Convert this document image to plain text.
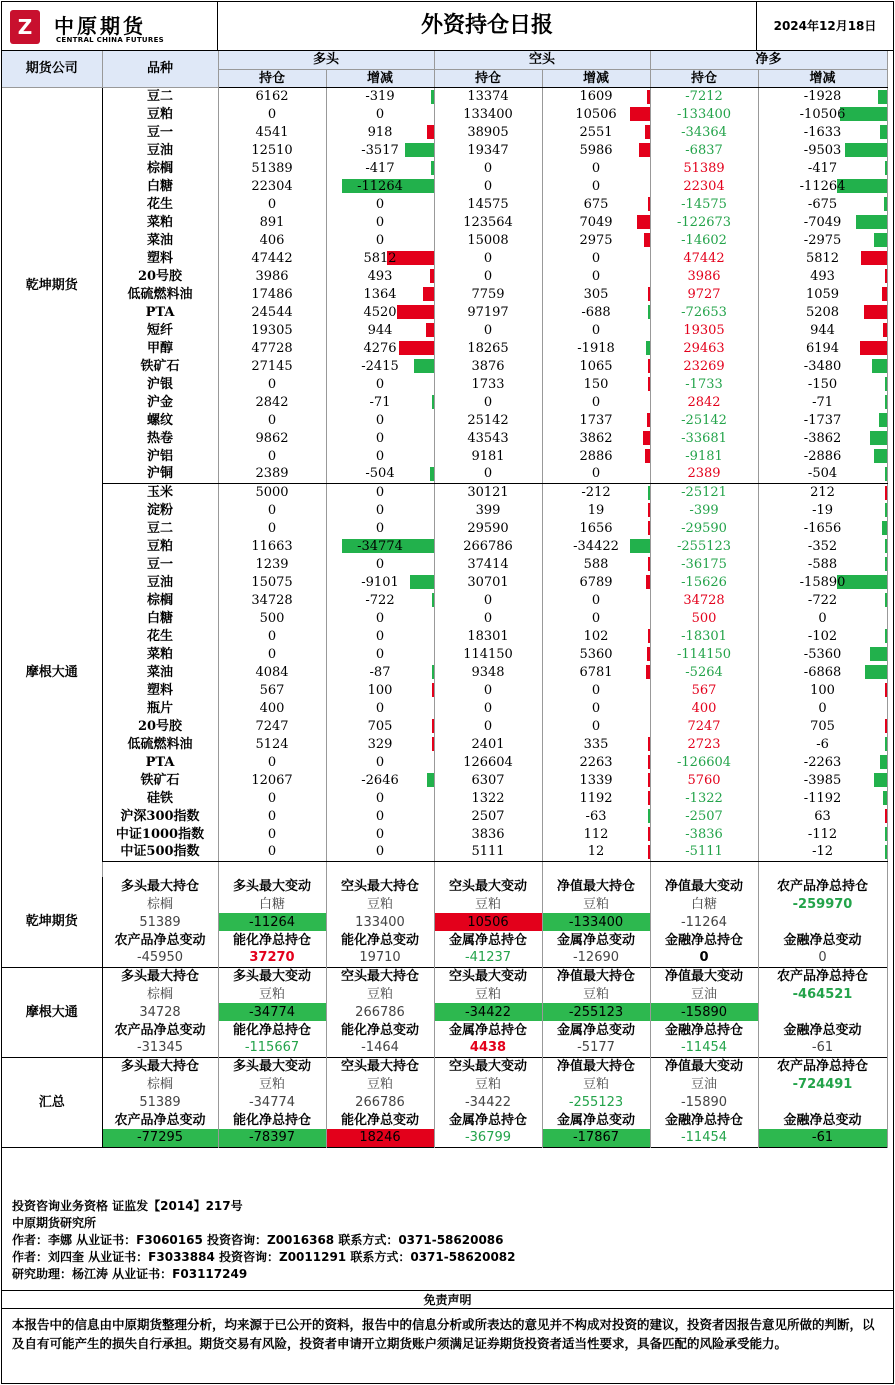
Z	中原期货
CENTRAL CHINA FUTURES
外资持仓日报	2024年12月18日
期货公司	品种	多头		空头		净多	
		持仓	增减	持仓	增减	持仓	增减
乾坤期货	豆二	6162	-319	13374	1609	-7212	-1928
	豆粕	0	0	133400	10506	-133400	-10506
	豆一	4541	918	38905	2551	-34364	-1633
	豆油	12510	-3517	19347	5986	-6837	-9503
	棕榈	51389	-417	0	0	51389	-417
	白糖	22304	-11264	0	0	22304	-11264
	花生	0	0	14575	675	-14575	-675
	菜粕	891	0	123564	7049	-122673	-7049
	菜油	406	0	15008	2975	-14602	-2975
	塑料	47442	5812	0	0	47442	5812
	20号胶	3986	493	0	0	3986	493
	低硫燃料油	17486	1364	7759	305	9727	1059
	PTA	24544	4520	97197	-688	-72653	5208
	短纤	19305	944	0	0	19305	944
	甲醇	47728	4276	18265	-1918	29463	6194
	铁矿石	27145	-2415	3876	1065	23269	-3480
	沪银	0	0	1733	150	-1733	-150
	沪金	2842	-71	0	0	2842	-71
	螺纹	0	0	25142	1737	-25142	-1737
	热卷	9862	0	43543	3862	-33681	-3862
	沪铝	0	0	9181	2886	-9181	-2886
	沪铜	2389	-504	0	0	2389	-504
摩根大通	玉米	5000	0	30121	-212	-25121	212
	淀粉	0	0	399	19	-399	-19
	豆二	0	0	29590	1656	-29590	-1656
	豆粕	11663	-34774	266786	-34422	-255123	-352
	豆一	1239	0	37414	588	-36175	-588
	豆油	15075	-9101	30701	6789	-15626	-15890
	棕榈	34728	-722	0	0	34728	-722
	白糖	500	0	0	0	500	0
	花生	0	0	18301	102	-18301	-102
	菜粕	0	0	114150	5360	-114150	-5360
	菜油	4084	-87	9348	6781	-5264	-6868
	塑料	567	100	0	0	567	100
	瓶片	400	0	0	0	400	0
	20号胶	7247	705	0	0	7247	705
	低硫燃料油	5124	329	2401	335	2723	-6
	PTA	0	0	126604	2263	-126604	-2263
	铁矿石	12067	-2646	6307	1339	5760	-3985
	硅铁	0	0	1322	1192	-1322	-1192
	沪深300指数	0	0	2507	-63	-2507	63
	中证1000指数	0	0	3836	112	-3836	-112
	中证500指数	0	0	5111	12	-5111	-12

乾坤期货	多头最大持仓	多头最大变动	空头最大持仓	空头最大变动	净值最大持仓	净值最大变动	农产品净总持仓
	棕榈	白糖	豆粕	豆粕	豆粕	白糖	-259970
	51389	-11264	133400	10506	-133400	-11264	
	农产品净总变动	能化净总持仓	能化净总变动	金属净总持仓	金属净总变动	金融净总持仓	金融净总变动
	-45950	37270	19710	-41237	-12690	0	0
摩根大通	多头最大持仓	多头最大变动	空头最大持仓	空头最大变动	净值最大持仓	净值最大变动	农产品净总持仓
	棕榈	豆粕	豆粕	豆粕	豆粕	豆油	-464521
	34728	-34774	266786	-34422	-255123	-15890	
	农产品净总变动	能化净总持仓	能化净总变动	金属净总持仓	金属净总变动	金融净总持仓	金融净总变动
	-31345	-115667	-1464	4438	-5177	-11454	-61
汇总	多头最大持仓	多头最大变动	空头最大持仓	空头最大变动	净值最大持仓	净值最大变动	农产品净总持仓
	棕榈	豆粕	豆粕	豆粕	豆粕	豆油	-724491
	51389	-34774	266786	-34422	-255123	-15890	
	农产品净总变动	能化净总持仓	能化净总变动	金属净总持仓	金属净总变动	金融净总持仓	金融净总变动
	-77295	-78397	18246	-36799	-17867	-11454	-61
投资咨询业务资格 证监发【2014】217号
中原期货研究所
作者：李娜 从业证书：F3060165 投资咨询：Z0016368 联系方式：0371-58620086
作者：刘四奎 从业证书：F3033884 投资咨询：Z0011291 联系方式：0371-58620082
研究助理：杨江涛 从业证书：F03117249
免责声明
本报告中的信息由中原期货整理分析，均来源于已公开的资料，报告中的信息分析或所表达的意见并不构成对投资的建议，投资者因报告意见所做的判断，以及自有可能产生的损失自行承担。期货交易有风险，投资者申请开立期货账户须满足证券期货投资者适当性要求，具备匹配的风险承受能力。
